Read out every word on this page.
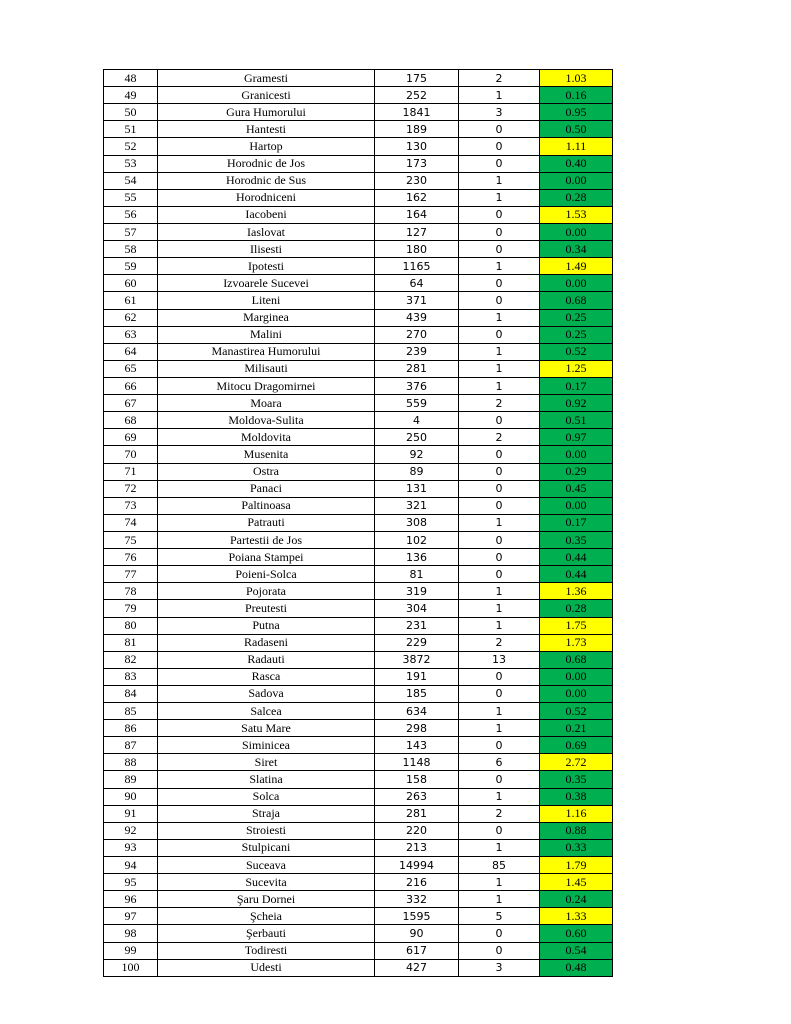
48	Gramesti	175	2	1.03
49	Granicesti	252	1	0.16
50	Gura Humorului	1841	3	0.95
51	Hantesti	189	0	0.50
52	Hartop	130	0	1.11
53	Horodnic de Jos	173	0	0.40
54	Horodnic de Sus	230	1	0.00
55	Horodniceni	162	1	0.28
56	Iacobeni	164	0	1.53
57	Iaslovat	127	0	0.00
58	Ilisesti	180	0	0.34
59	Ipotesti	1165	1	1.49
60	Izvoarele Sucevei	64	0	0.00
61	Liteni	371	0	0.68
62	Marginea	439	1	0.25
63	Malini	270	0	0.25
64	Manastirea Humorului	239	1	0.52
65	Milisauti	281	1	1.25
66	Mitocu Dragomirnei	376	1	0.17
67	Moara	559	2	0.92
68	Moldova-Sulita	4	0	0.51
69	Moldovita	250	2	0.97
70	Musenita	92	0	0.00
71	Ostra	89	0	0.29
72	Panaci	131	0	0.45
73	Paltinoasa	321	0	0.00
74	Patrauti	308	1	0.17
75	Partestii de Jos	102	0	0.35
76	Poiana Stampei	136	0	0.44
77	Poieni-Solca	81	0	0.44
78	Pojorata	319	1	1.36
79	Preutesti	304	1	0.28
80	Putna	231	1	1.75
81	Radaseni	229	2	1.73
82	Radauti	3872	13	0.68
83	Rasca	191	0	0.00
84	Sadova	185	0	0.00
85	Salcea	634	1	0.52
86	Satu Mare	298	1	0.21
87	Siminicea	143	0	0.69
88	Siret	1148	6	2.72
89	Slatina	158	0	0.35
90	Solca	263	1	0.38
91	Straja	281	2	1.16
92	Stroiesti	220	0	0.88
93	Stulpicani	213	1	0.33
94	Suceava	14994	85	1.79
95	Sucevita	216	1	1.45
96	Şaru Dornei	332	1	0.24
97	Şcheia	1595	5	1.33
98	Şerbauti	90	0	0.60
99	Todiresti	617	0	0.54
100	Udesti	427	3	0.48
